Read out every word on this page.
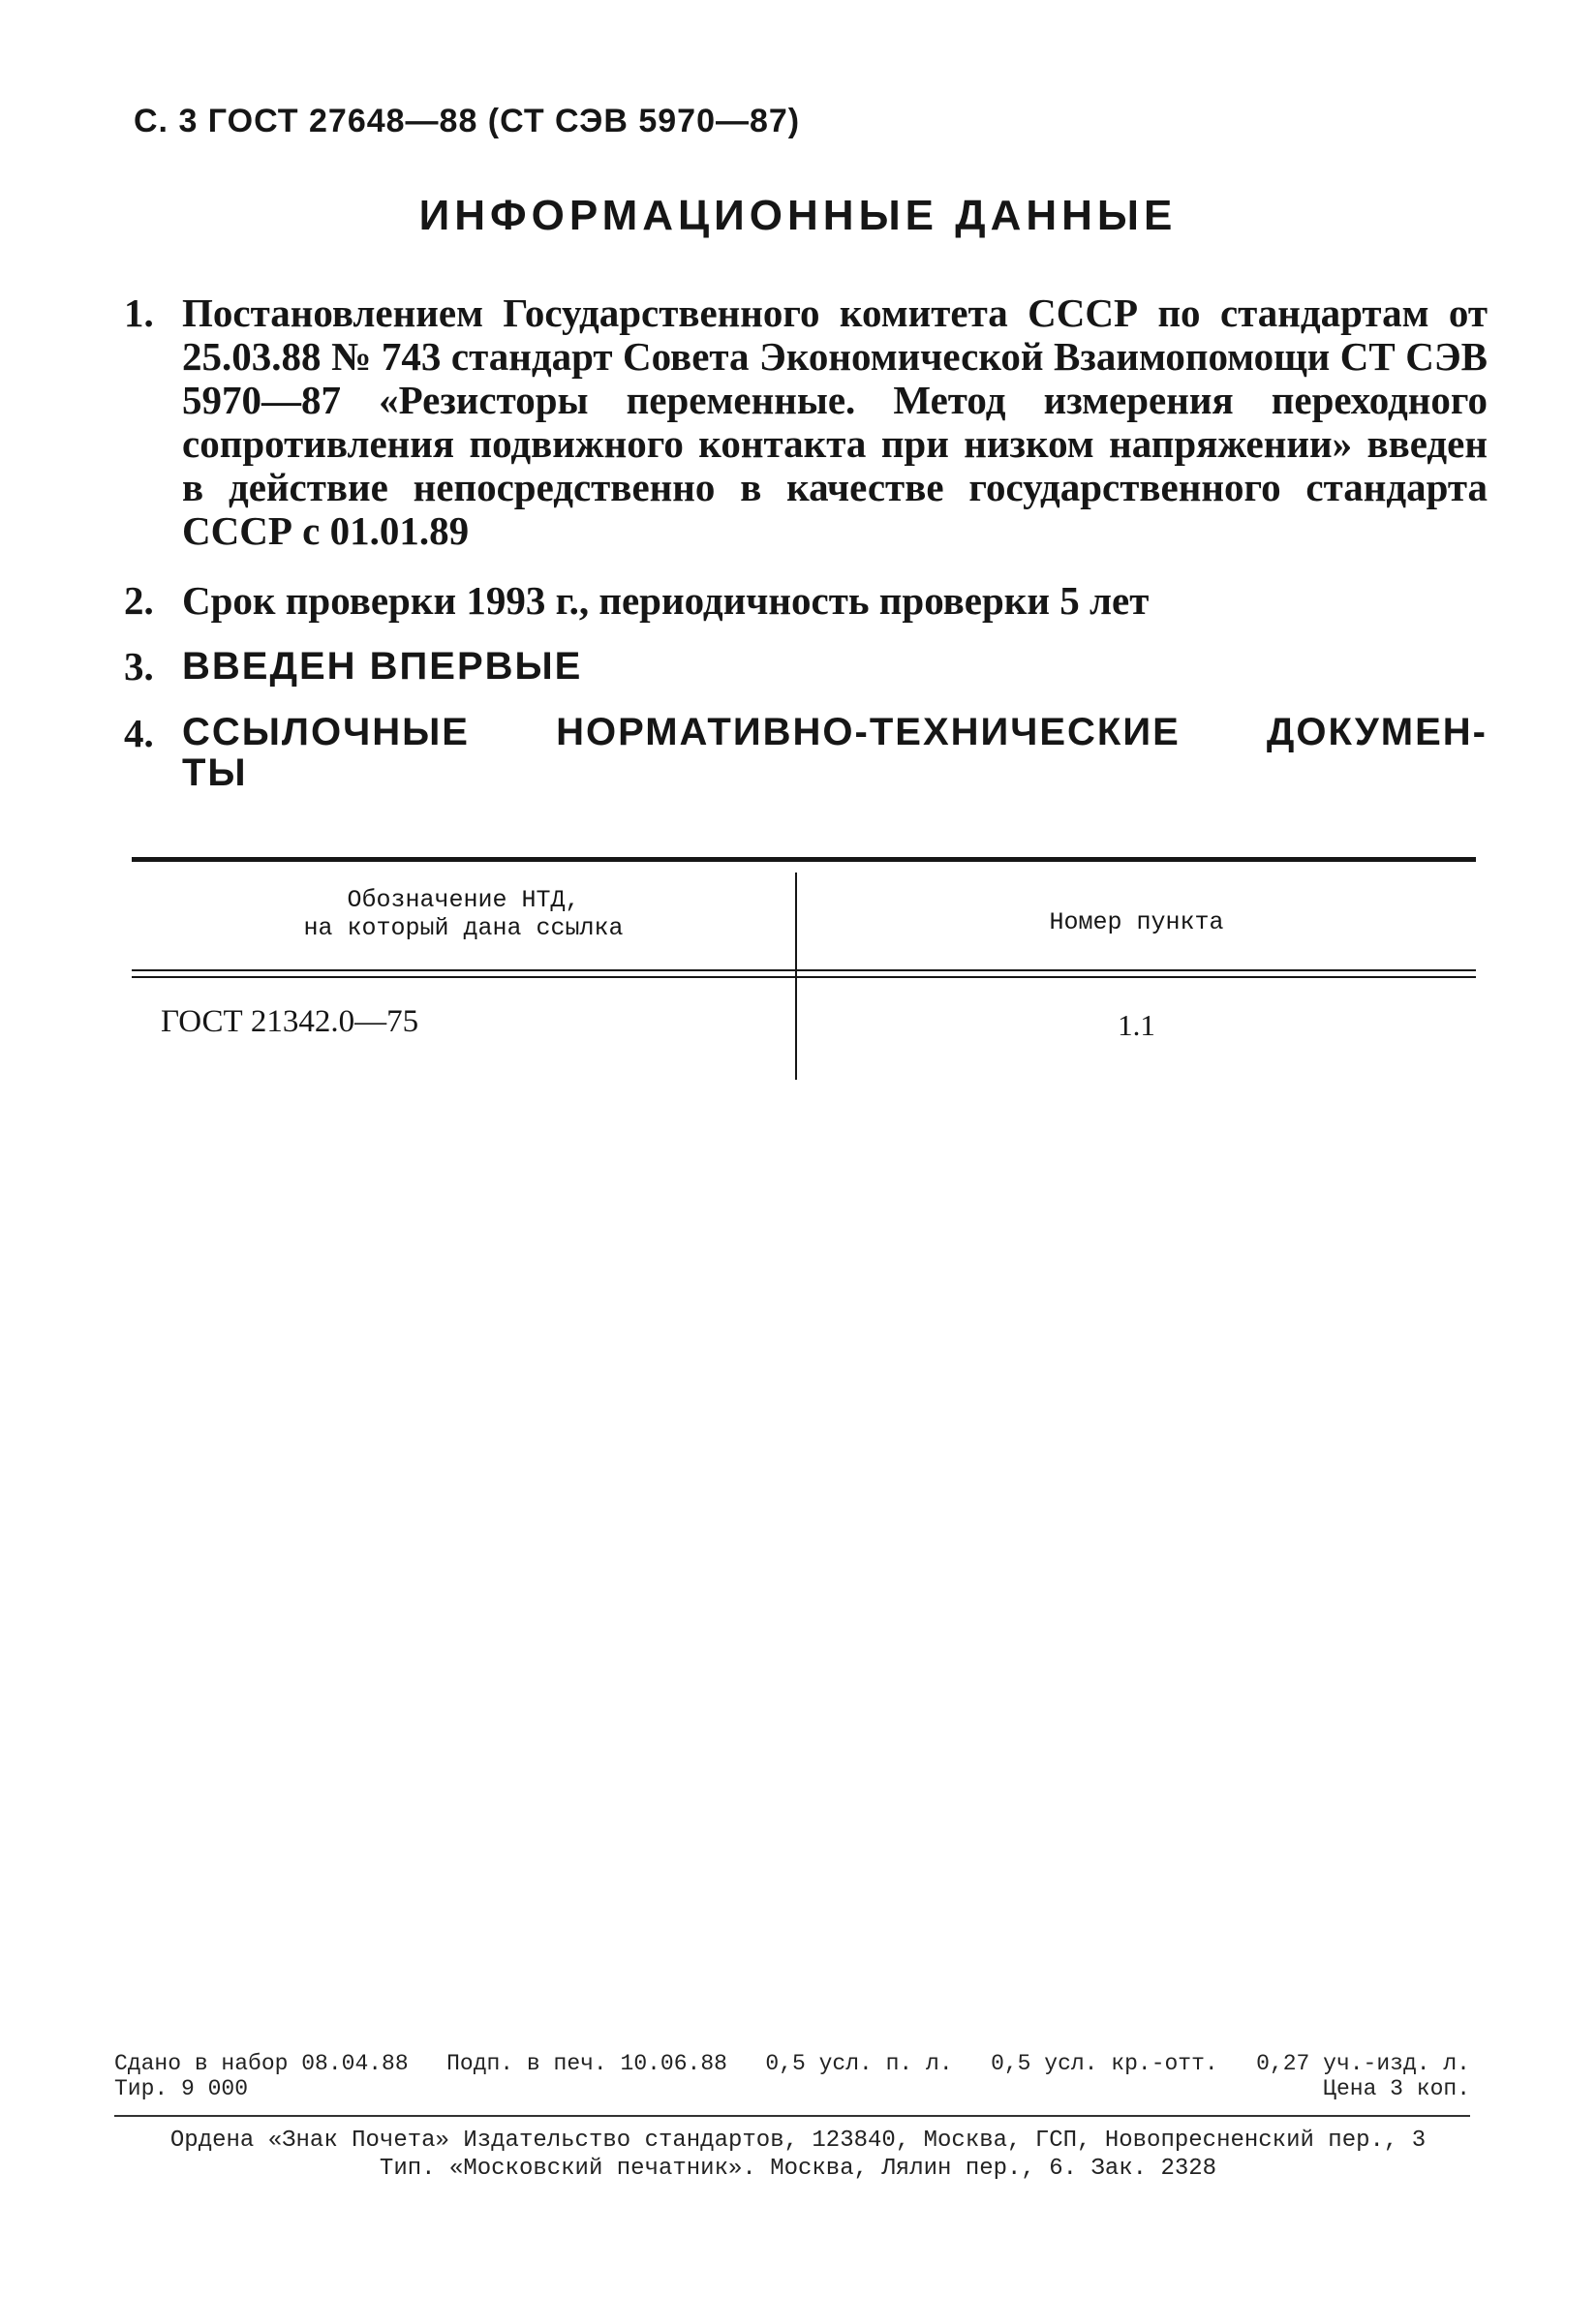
С. 3 ГОСТ 27648—88 (СТ СЭВ 5970—87)
ИНФОРМАЦИОННЫЕ ДАННЫЕ
1. Постановлением Государственного комитета СССР по стандартам от 25.03.88 № 743 стандарт Совета Экономической Взаимопомощи СТ СЭВ 5970—87 «Резисторы переменные. Метод измерения переходного сопротивления подвижного контакта при низком напряжении» введен в действие непосредственно в качестве государственного стандарта СССР с 01.01.89
2. Срок проверки 1993 г., периодичность проверки 5 лет
3. ВВЕДЕН ВПЕРВЫЕ
4. ССЫЛОЧНЫЕ НОРМАТИВНО-ТЕХНИЧЕСКИЕ ДОКУМЕН-
ТЫ
Обозначение НТД,
на который дана ссылка	Номер пункта
ГОСТ 21342.0—75	1.1
Сдано в набор 08.04.88 Подп. в печ. 10.06.88 0,5 усл. п. л. 0,5 усл. кр.-отт. 0,27 уч.-изд. л.
Тир. 9 000	Цена 3 коп.
Ордена «Знак Почета» Издательство стандартов, 123840, Москва, ГСП, Новопресненский пер., 3
Тип. «Московский печатник». Москва, Лялин пер., 6. Зак. 2328
